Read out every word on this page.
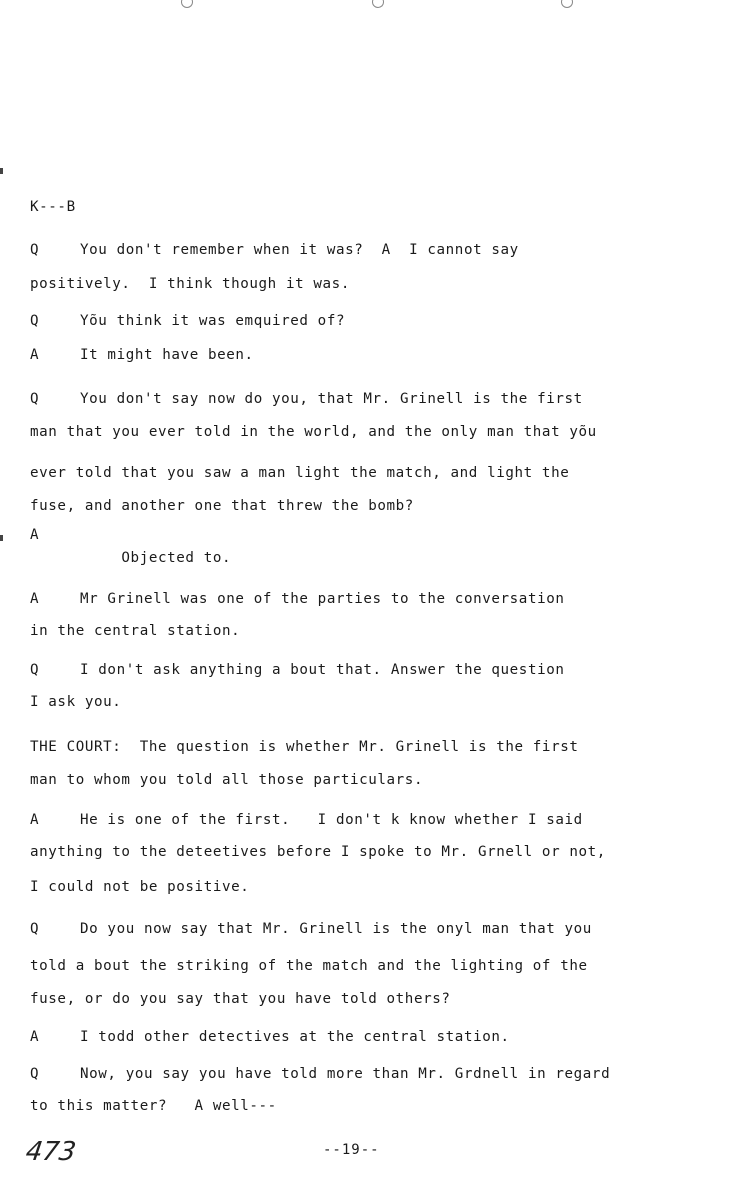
K---B
Q	You don't remember when it was?  A  I cannot say
positively.  I think though it was.
Q	Yõu think it was emquired of?
A	It might have been.
Q	You don't say now do you, that Mr. Grinell is the first
man that you ever told in the world, and the only man that yõu
ever told that you saw a man light the match, and light the
fuse, and another one that threw the bomb?
A
Objected to.
A	Mr Grinell was one of the parties to the conversation
in the central station.
Q	I don't ask anything a bout that. Answer the question
I ask you.
THE COURT:  The question is whether Mr. Grinell is the first
man to whom you told all those particulars.
A	He is one of the first.   I don't k know whether I said
anything to the deteetives before I spoke to Mr. Grnell or not,
I could not be positive.
Q	Do you now say that Mr. Grinell is the onyl man that you
told a bout the striking of the match and the lighting of the
fuse, or do you say that you have told others?
A	I todd other detectives at the central station.
Q	Now, you say you have told more than Mr. Grdnell in regard
to this matter?   A well---
473	--19--
